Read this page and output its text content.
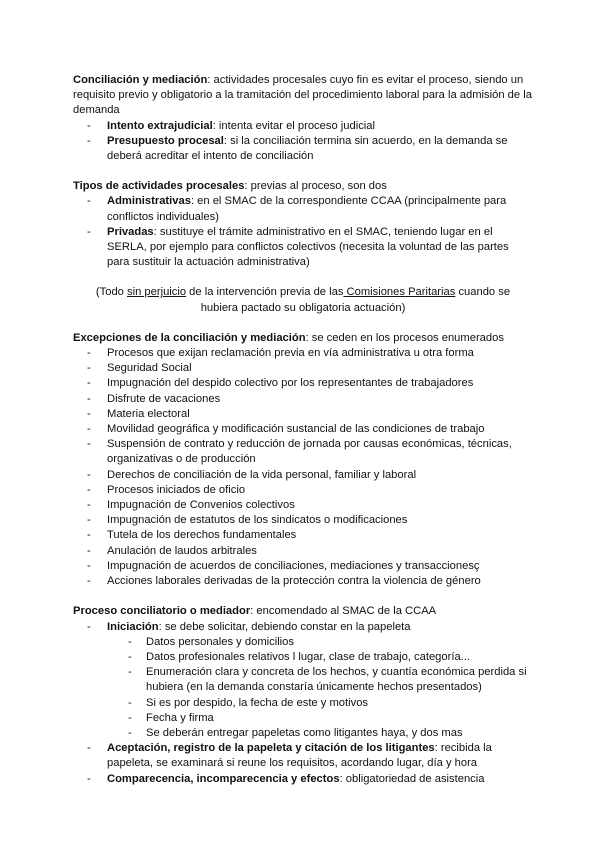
Conciliación y mediación: actividades procesales cuyo fin es evitar el proceso, siendo un requisito previo y obligatorio a la tramitación del procedimiento laboral para la admisión de la demanda

- Intento extrajudicial: intenta evitar el proceso judicial
- Presupuesto procesal: si la conciliación termina sin acuerdo, en la demanda se deberá acreditar el intento de conciliación

Tipos de actividades procesales: previas al proceso, son dos

- Administrativas: en el SMAC de la correspondiente CCAA (principalmente para conflictos individuales)
- Privadas: sustituye el trámite administrativo en el SMAC, teniendo lugar en el SERLA, por ejemplo para conflictos colectivos (necesita la voluntad de las partes para sustituir la actuación administrativa)

(Todo sin perjuicio de la intervención previa de las Comisiones Paritarias cuando se hubiera pactado su obligatoria actuación)

Excepciones de la conciliación y mediación: se ceden en los procesos enumerados

- Procesos que exijan reclamación previa en vía administrativa u otra forma
- Seguridad Social
- Impugnación del despido colectivo por los representantes de trabajadores
- Disfrute de vacaciones
- Materia electoral
- Movilidad geográfica y modificación sustancial de las condiciones de trabajo
- Suspensión de contrato y reducción de jornada por causas económicas, técnicas, organizativas o de producción
- Derechos de conciliación de la vida personal, familiar y laboral
- Procesos iniciados de oficio
- Impugnación de Convenios colectivos
- Impugnación de estatutos de los sindicatos o modificaciones
- Tutela de los derechos fundamentales
- Anulación de laudos arbitrales
- Impugnación de acuerdos de conciliaciones, mediaciones y transaccionesç
- Acciones laborales derivadas de la protección contra la violencia de género

Proceso conciliatorio o mediador: encomendado al SMAC de la CCAA

- Iniciación: se debe solicitar, debiendo constar en la papeleta
- Datos personales y domicilios
- Datos profesionales relativos l lugar, clase de trabajo, categoría...
- Enumeración clara y concreta de los hechos, y cuantía económica perdida si hubiera (en la demanda constaría únicamente hechos presentados)
- Si es por despido, la fecha de este y motivos
- Fecha y firma
- Se deberán entregar papeletas como litigantes haya, y dos mas
- Aceptación, registro de la papeleta y citación de los litigantes: recibida la papeleta, se examinará si reune los requisitos, acordando lugar, día y hora
- Comparecencia, incomparecencia y efectos: obligatoriedad de asistencia
